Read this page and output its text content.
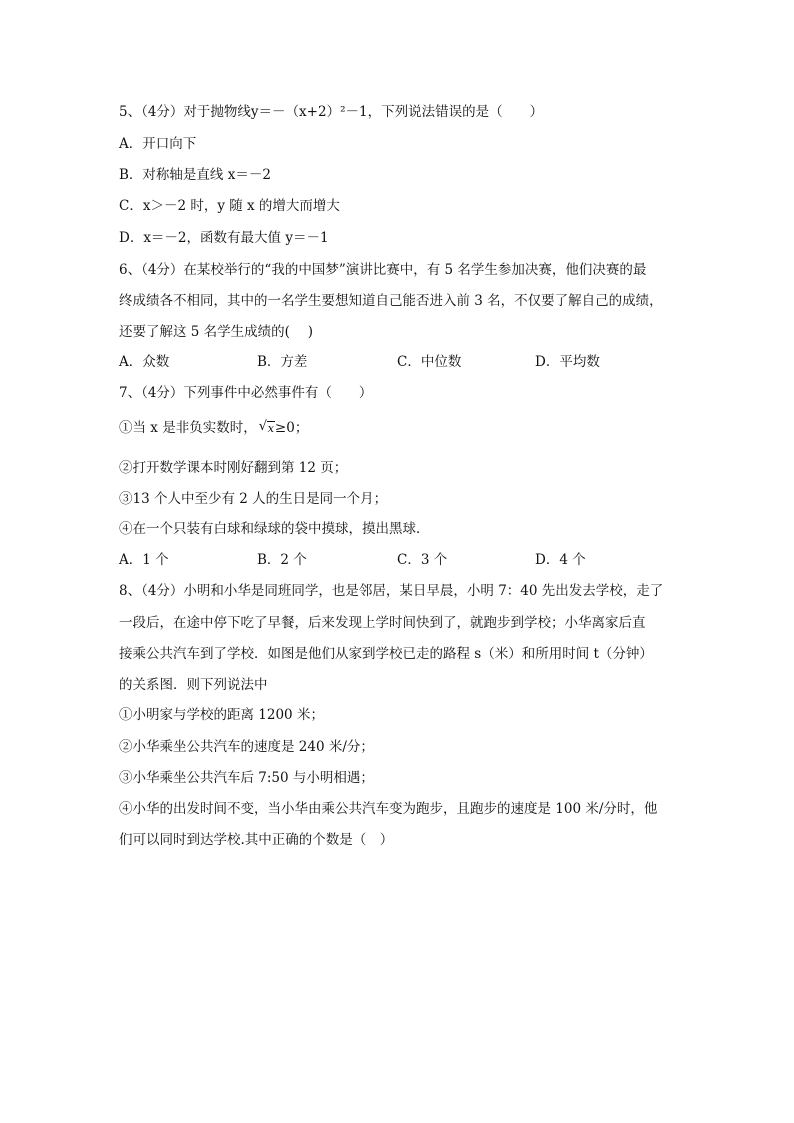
5、（4分）对于抛物线y＝－（x+2）²－1，下列说法错误的是（　　）
A．开口向下
B．对称轴是直线 x＝－2
C．x＞－2 时，y 随 x 的增大而增大
D．x＝－2，函数有最大值 y＝－1
6、（4分）在某校举行的“我的中国梦”演讲比赛中，有 5 名学生参加决赛，他们决赛的最
终成绩各不相同，其中的一名学生要想知道自己能否进入前 3 名，不仅要了解自己的成绩，
还要了解这 5 名学生成绩的(　 )
A．众数	B．方差	C．中位数	D．平均数
7、（4分）下列事件中必然事件有（　　）
①当 x 是非负实数时， √ x≥0；
②打开数学课本时刚好翻到第 12 页；
③13 个人中至少有 2 人的生日是同一个月；
④在一个只装有白球和绿球的袋中摸球，摸出黑球．
A．1 个	B．2 个	C．3 个	D．4 个
8、（4分）小明和小华是同班同学，也是邻居，某日早晨，小明 7：40 先出发去学校，走了
一段后，在途中停下吃了早餐，后来发现上学时间快到了，就跑步到学校；小华离家后直
接乘公共汽车到了学校．如图是他们从家到学校已走的路程 s（米）和所用时间 t（分钟）
的关系图．则下列说法中
①小明家与学校的距离 1200 米；
②小华乘坐公共汽车的速度是 240 米/分；
③小华乘坐公共汽车后 7:50 与小明相遇；
④小华的出发时间不变，当小华由乘公共汽车变为跑步，且跑步的速度是 100 米/分时，他
们可以同时到达学校.其中正确的个数是（　）
